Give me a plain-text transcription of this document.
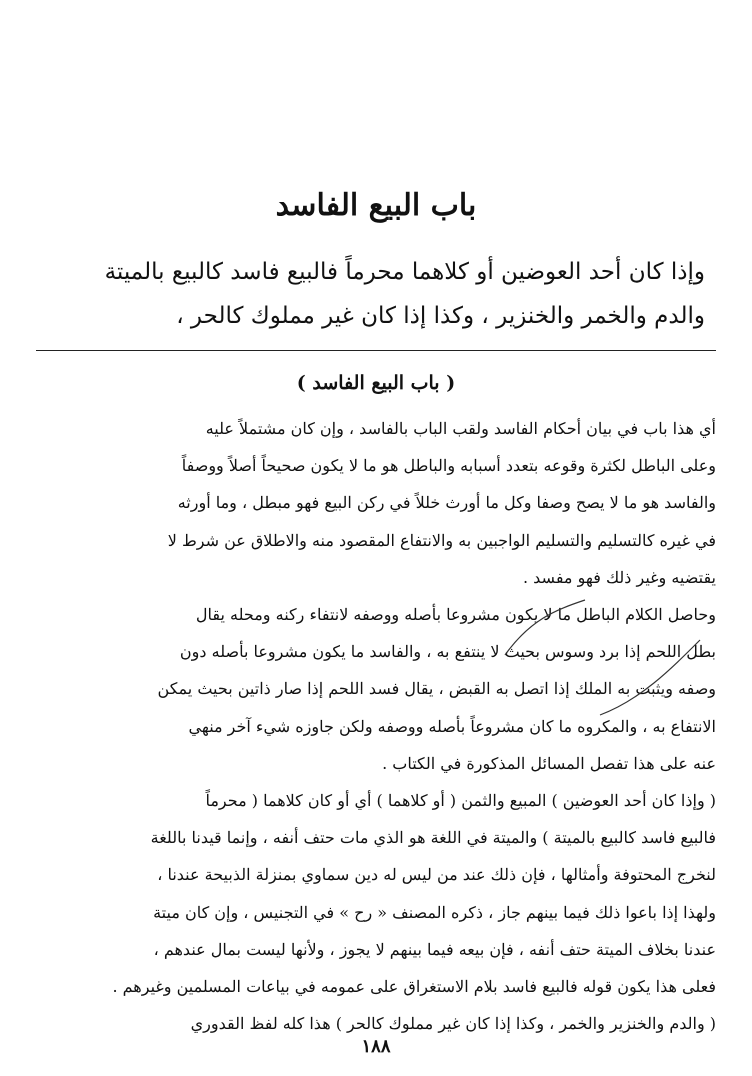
باب البيع الفاسد
وإذا كان أحد العوضين أو كلاهما محرماً فالبيع فاسد كالبيع بالميتة
والدم والخمر والخنزير ، وكذا إذا كان غير مملوك كالحر ،
( باب البيع الفاسد )
أي هذا باب في بيان أحكام الفاسد ولقب الباب بالفاسد ، وإن كان مشتملاً عليه
وعلى الباطل لكثرة وقوعه بتعدد أسبابه والباطل هو ما لا يكون صحيحاً أصلاً ووصفاً
والفاسد هو ما لا يصح وصفا وكل ما أورث خللاً في ركن البيع فهو مبطل ، وما أورثه
في غيره كالتسليم والتسليم الواجبين به والانتفاع المقصود منه والاطلاق عن شرط لا
يقتضيه وغير ذلك فهو مفسد .
وحاصل الكلام الباطل ما لا يكون مشروعا بأصله ووصفه لانتفاء ركنه ومحله يقال
بطل اللحم إذا برد وسوس بحيث لا ينتفع به ، والفاسد ما يكون مشروعا بأصله دون
وصفه ويثبت به الملك إذا اتصل به القبض ، يقال فسد اللحم إذا صار ذاتين بحيث يمكن
الانتفاع به ، والمكروه ما كان مشروعاً بأصله ووصفه ولكن جاوزه شيء آخر منهي
عنه على هذا تفصل المسائل المذكورة في الكتاب .
( وإذا كان أحد العوضين ) المبيع والثمن ( أو كلاهما ) أي أو كان كلاهما ( محرماً
فالبيع فاسد كالبيع بالميتة ) والميتة في اللغة هو الذي مات حتف أنفه ، وإنما قيدنا باللغة
لنخرج المحتوفة وأمثالها ، فإن ذلك عند من ليس له دين سماوي بمنزلة الذبيحة عندنا ،
ولهذا إذا باعوا ذلك فيما بينهم جاز ، ذكره المصنف « رح » في التجنيس ، وإن كان ميتة
عندنا بخلاف الميتة حتف أنفه ، فإن بيعه فيما بينهم لا يجوز ، ولأنها ليست بمال عندهم ،
فعلى هذا يكون قوله فالبيع فاسد بلام الاستغراق على عمومه في بياعات المسلمين وغيرهم .
( والدم والخنزير والخمر ، وكذا إذا كان غير مملوك كالحر ) هذا كله لفظ القدوري
١٨٨
